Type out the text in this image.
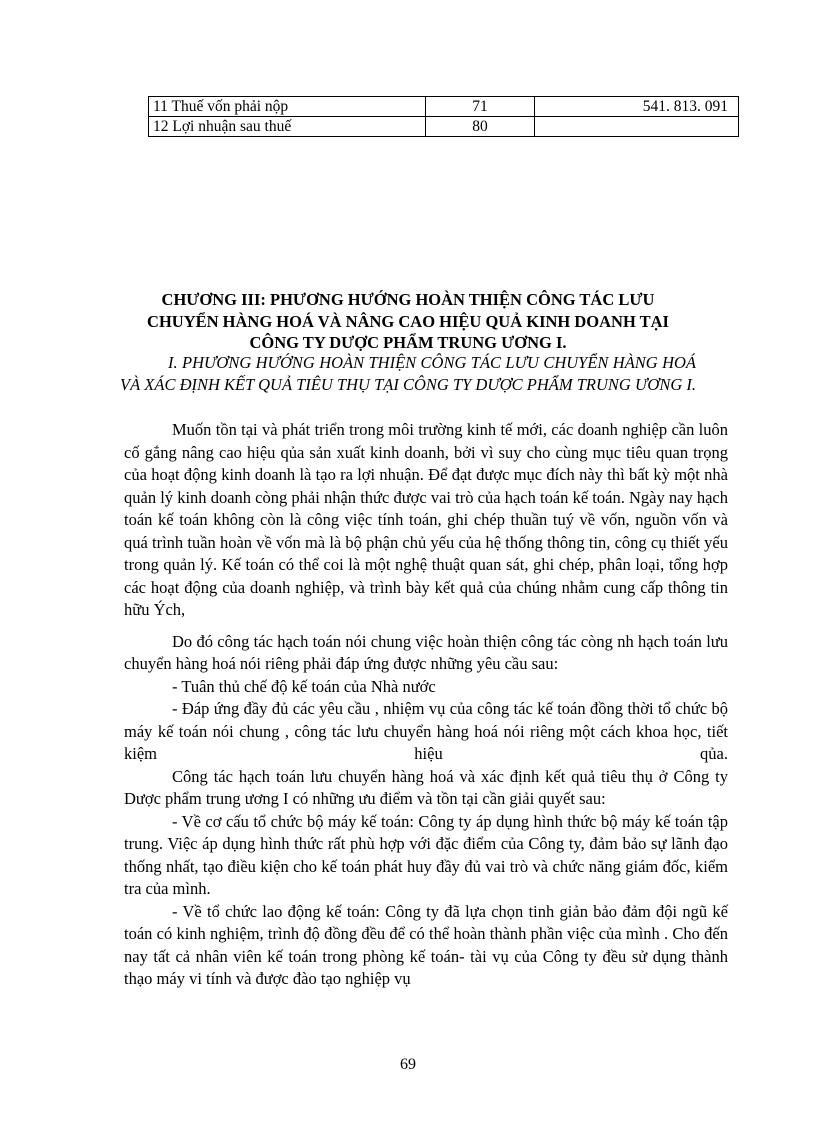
11 Thuế vốn phải nộp	71	541. 813. 091
12 Lợi nhuận sau thuế	80	
CHƯƠNG III: PHƯƠNG HƯỚNG HOÀN THIỆN CÔNG TÁC LƯU
CHUYỂN HÀNG HOÁ VÀ NÂNG CAO HIỆU QUẢ KINH DOANH TẠI
CÔNG TY DƯỢC PHẨM TRUNG ƯƠNG I.
I. PHƯƠNG HƯỚNG HOÀN THIỆN CÔNG TÁC LƯU CHUYỂN HÀNG HOÁ VÀ XÁC ĐỊNH KẾT QUẢ TIÊU THỤ TẠI CÔNG TY DƯỢC PHẨM TRUNG ƯƠNG I.

Muốn tồn tại và phát triển trong môi trường kinh tế mới, các doanh nghiệp cần luôn cố gắng nâng cao hiệu qủa sản xuất kinh doanh, bởi vì suy cho cùng mục tiêu quan trọng của hoạt động kinh doanh là tạo ra lợi nhuận. Để đạt được mục đích này thì bất kỳ một nhà quản lý kinh doanh còng phải nhận thức được vai trò của hạch toán kế toán. Ngày nay hạch toán kế toán không còn là công việc tính toán, ghi chép thuần tuý về vốn, nguồn vốn và quá trình tuần hoàn về vốn mà là bộ phận chủ yếu của hệ thống thông tin, công cụ thiết yếu trong quản lý. Kế toán có thể coi là một nghệ thuật quan sát, ghi chép, phân loại, tổng hợp các hoạt động của doanh nghiệp, và trình bày kết quả của chúng nhằm cung cấp thông tin hữu Ých,

Do đó công tác hạch toán nói chung việc hoàn thiện công tác còng nh hạch toán lưu chuyển hàng hoá nói riêng phải đáp ứng được những yêu cầu sau:

- Tuân thủ chế độ kế toán của Nhà nước

- Đáp ứng đầy đủ các yêu cầu , nhiệm vụ của công tác kế toán đồng thời tổ chức bộ máy kế toán nói chung , công tác lưu chuyển hàng hoá nói riêng một cách khoa học, tiết kiệm hiệu qủa.

Công tác hạch toán lưu chuyển hàng hoá và xác định kết quả tiêu thụ ở Công ty Dược phẩm trung ương I có những ưu điểm và tồn tại cần giải quyết sau:

- Về cơ cấu tổ chức bộ máy kế toán: Công ty áp dụng hình thức bộ máy kế toán tập trung. Việc áp dụng hình thức rất phù hợp với đặc điểm của Công ty, đảm bảo sự lãnh đạo thống nhất, tạo điều kiện cho kế toán phát huy đầy đủ vai trò và chức năng giám đốc, kiểm tra của mình.

- Về tổ chức lao động kế toán: Công ty đã lựa chọn tinh giản bảo đảm đội ngũ kế toán có kinh nghiệm, trình độ đồng đều để có thể hoàn thành phần việc của mình . Cho đến nay tất cả nhân viên kế toán trong phòng kế toán- tài vụ của Công ty đều sử dụng thành thạo máy vi tính và được đào tạo nghiệp vụ

69
